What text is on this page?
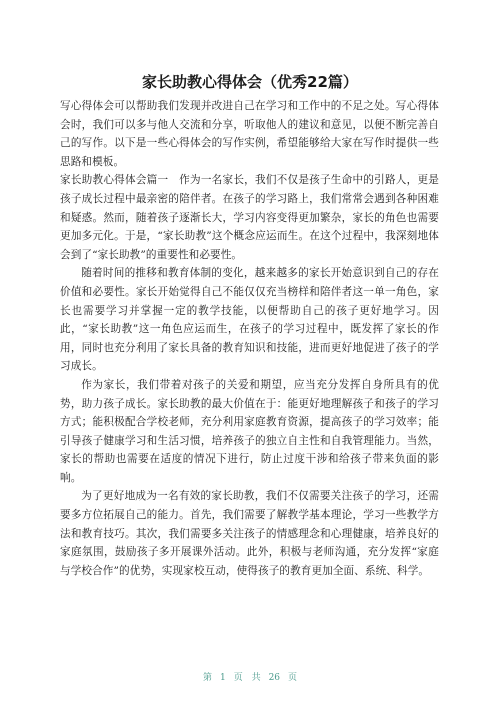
家长助教心得体会（优秀22篇）

写心得体会可以帮助我们发现并改进自己在学习和工作中的不足之处。写心得体会时，我们可以多与他人交流和分享，听取他人的建议和意见，以便不断完善自己的写作。以下是一些心得体会的写作实例，希望能够给大家在写作时提供一些思路和模板。

家长助教心得体会篇一　作为一名家长，我们不仅是孩子生命中的引路人，更是孩子成长过程中最亲密的陪伴者。在孩子的学习路上，我们常常会遇到各种困难和疑惑。然而，随着孩子逐渐长大，学习内容变得更加繁杂，家长的角色也需要更加多元化。于是，“家长助教”这个概念应运而生。在这个过程中，我深刻地体会到了“家长助教”的重要性和必要性。

随着时间的推移和教育体制的变化，越来越多的家长开始意识到自己的存在价值和必要性。家长开始觉得自己不能仅仅充当榜样和陪伴者这一单一角色，家长也需要学习并掌握一定的教学技能，以便帮助自己的孩子更好地学习。因此，“家长助教”这一角色应运而生，在孩子的学习过程中，既发挥了家长的作用，同时也充分利用了家长具备的教育知识和技能，进而更好地促进了孩子的学习成长。

作为家长，我们带着对孩子的关爱和期望，应当充分发挥自身所具有的优势，助力孩子成长。家长助教的最大价值在于：能更好地理解孩子和孩子的学习方式；能积极配合学校老师，充分利用家庭教育资源，提高孩子的学习效率；能引导孩子健康学习和生活习惯，培养孩子的独立自主性和自我管理能力。当然，家长的帮助也需要在适度的情况下进行，防止过度干涉和给孩子带来负面的影响。

为了更好地成为一名有效的家长助教，我们不仅需要关注孩子的学习，还需要多方位拓展自己的能力。首先，我们需要了解教学基本理论，学习一些教学方法和教育技巧。其次，我们需要多关注孩子的情感理念和心理健康，培养良好的家庭氛围，鼓励孩子多开展课外活动。此外，积极与老师沟通，充分发挥“家庭与学校合作”的优势，实现家校互动，使得孩子的教育更加全面、系统、科学。

第 1 页 共 26 页
